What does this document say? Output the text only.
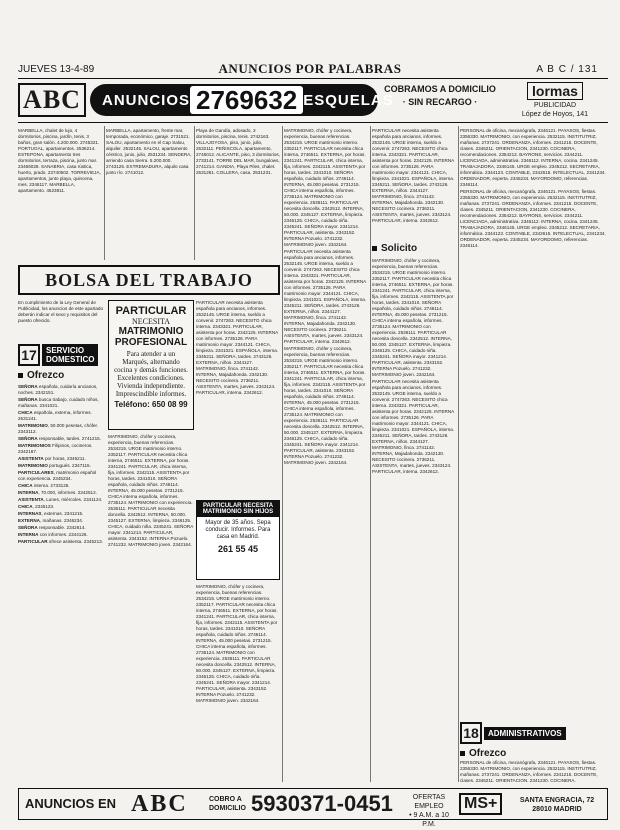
JUEVES 13-4-89	ANUNCIOS POR PALABRAS	A B C / 131
ABC	ANUNCIOS 2769632 ESQUELAS
COBRAMOS A DOMICILIO
· SIN RECARGO ·
lormas
PUBLICIDAD
López de Hoyos, 141
MARBELLA, chalet de lujo, 4 dormitorios, piscina, jardín, tenis, 3 baños, gran salón. 4.200.000. 2745321. PORTUGAL, apartamentos. 2536214. ESTEPONA, apartamento tres dormitorios, terraza, piscina, junto mar. 23466028. SANABRIA, casa rústica, huerto, prado. 23740502. TORREVIEJA, apartamentos, junto playa, quincena, mes. 2346117. MARBELLA, apartamento. 4523811.
MARBELLA, apartamento, frente mar, temporada, económico, garaje. 2731521. SALOU, apartamento en el Cap Salou, alquiler. 2532145. SALOU, apartamento céntrico, junio, julio, 2531234. SENDERA, arriendo casa Sierra. 5.200.000. 2743125. EXTREMADURA, alquilo casa junto río. 2741012.
Playa de Gandía, adosado, 3 dormitorios, piscina, tenis. 2742163. VILLAJOYOSA, piso, junio, julio, 2532111. PEÑISCOLA, apartamento, 2746012. ALICANTE, piso, 3 dormitorios, 2733141. TORRE DEL MAR, bungalows, 2741214. GANDIA, Playa Piles, chalet. 2531261. COLLERA, casa. 2531231.
BOLSA DEL TRABAJO

En cumplimiento de la Ley General de Publicidad, los anuncios de este apartado deberán indicar el sexo y requisitos del puesto ofrecido.

17	SERVICIO
DOMESTICO
Ofrezco

SEÑORA española, cuidaría ancianos, noches. 2342151.

SEÑORA busca trabajo, cuidado niños, mañanas. 2341021.

CHICA española, externa, informes. 2531241.

MATRIMONIO, 50.000 pesetas, chófer. 2343112.

SEÑORA responsable, tardes. 2741215.

MATRIMONIOS Filipinos, cocineros. 2342167.

ASISTENTA por horas, 2346211.

MATRIMONIO portugués. 2347115.

PARTICULARES, matrimonio español con experiencia. 2345234.

CHICA interna. 2733125.

INTERNA, 70.000, informes. 2342512.

ASISTENTA, Lunes, miércoles. 2341124.

CHICA, 2345123.

INTERNAS, externas. 2341215.

EXTERNA, mañanas. 2346234.

SEÑORA responsable. 2342614.

INTERNA con informes. 2344126.

PARTICULAR ofrece asistenta. 2345213.

PARTICULAR
NECESITA
MATRIMONIO
PROFESIONAL
Para atender a un Marqués, alternando cocina y demás funciones. Excelentes condiciones. Vivienda independiente. Imprescindible informes.
Teléfono: 650 08 99
MATRIMONIO, chófer y cocinera, experiencia, buenas referencias. 2534215. URGE matrimonio interno. 2352117. PARTICULAR necesita chica interna, 2746511. EXTERNA, por horas. 2341241. PARTICULAR, chica interna, fija, informes. 2342115. ASISTENTA por horas, tardes. 2341010. SEÑORA española, cuidado niños. 2746114. INTERNA, 45.000 pesetas. 2731215. CHICA interna española, informes. 2735124. MATRIMONIO con experiencia. 2536111. PARTICULAR necesita doncella. 2342512. INTERNA, 50.000. 2345127. EXTERNA, limpieza. 2346125. CHICA, cuidado niña. 2345241. SEÑORA mayor. 2341214. PARTICULAR, asistenta. 2343152. INTERNA Pozuelo. 2741232. MATRIMONIO joven. 2342164.
PARTICULAR NECESITA
MATRIMONIO SIN HIJOS
Mayor de 35 años. Sepa conducir. Informes. Para casa en Madrid.
261 55 45
PARTICULAR necesita asistenta española para ancianos, informes. 2532145. URGE interna, sueldo a convenir. 2747263. NECESITO chica interna. 2343321. PARTICULAR, asistenta por horas. 2342125. INTERNA con informes. 2735126. PARA matrimonio mayor. 2344121. CHICA, limpieza. 2341021. ESPAÑOLA, interna. 2345211. SEÑORA, tardes. 2743126. EXTERNA, niños. 2344127. MATRIMONIO, finca. 2741142. INTERNA, Majadahonda. 2342130. NECESITO cocinera. 2736211. ASISTENTA, martes, jueves. 2343124. PARTICULAR, interna. 2342612.
MATRIMONIO, chófer y cocinera, experiencia, buenas referencias. 2534215. URGE matrimonio interno. 2352117. PARTICULAR necesita chica interna, 2746511. EXTERNA, por horas. 2341241. PARTICULAR, chica interna, fija, informes. 2342115. ASISTENTA por horas, tardes. 2341010. SEÑORA española, cuidado niños. 2746114. INTERNA, 45.000 pesetas. 2731215. CHICA interna española, informes. 2735124. MATRIMONIO con experiencia. 2536111. PARTICULAR necesita doncella. 2342512. INTERNA, 50.000. 2345127. EXTERNA, limpieza. 2346125. CHICA, cuidado niña. 2345241. SEÑORA mayor. 2341214. PARTICULAR, asistenta. 2343152. INTERNA Pozuelo. 2741232. MATRIMONIO joven. 2342164.

MATRIMONIO, chófer y cocinera, experiencia, buenas referencias. 2534215. URGE matrimonio interno. 2352117. PARTICULAR necesita chica interna, 2746511. EXTERNA, por horas. 2341241. PARTICULAR, chica interna, fija, informes. 2342115. ASISTENTA por horas, tardes. 2341010. SEÑORA española, cuidado niños. 2746114. INTERNA, 45.000 pesetas. 2731215. CHICA interna española, informes. 2735124. MATRIMONIO con experiencia. 2536111. PARTICULAR necesita doncella. 2342512. INTERNA, 50.000. 2345127. EXTERNA, limpieza. 2346125. CHICA, cuidado niña. 2345241. SEÑORA mayor. 2341214. PARTICULAR, asistenta. 2343152. INTERNA Pozuelo. 2741232. MATRIMONIO joven. 2342164.

PARTICULAR necesita asistenta española para ancianos, informes. 2532145. URGE interna, sueldo a convenir. 2747263. NECESITO chica interna. 2343321. PARTICULAR, asistenta por horas. 2342125. INTERNA con informes. 2735126. PARA matrimonio mayor. 2344121. CHICA, limpieza. 2341021. ESPAÑOLA, interna. 2345211. SEÑORA, tardes. 2743126. EXTERNA, niños. 2344127. MATRIMONIO, finca. 2741142. INTERNA, Majadahonda. 2342130. NECESITO cocinera. 2736211. ASISTENTA, martes, jueves. 2343124. PARTICULAR, interna. 2342612.

MATRIMONIO, chófer y cocinera, experiencia, buenas referencias. 2534215. URGE matrimonio interno. 2352117. PARTICULAR necesita chica interna, 2746511. EXTERNA, por horas. 2341241. PARTICULAR, chica interna, fija, informes. 2342115. ASISTENTA por horas, tardes. 2341010. SEÑORA española, cuidado niños. 2746114. INTERNA, 45.000 pesetas. 2731215. CHICA interna española, informes. 2735124. MATRIMONIO con experiencia. 2536111. PARTICULAR necesita doncella. 2342512. INTERNA, 50.000. 2345127. EXTERNA, limpieza. 2346125. CHICA, cuidado niña. 2345241. SEÑORA mayor. 2341214. PARTICULAR, asistenta. 2343152. INTERNA Pozuelo. 2741232. MATRIMONIO joven. 2342164.

PARTICULAR necesita asistenta española para ancianos, informes. 2532145. URGE interna, sueldo a convenir. 2747263. NECESITO chica interna. 2343321. PARTICULAR, asistenta por horas. 2342125. INTERNA con informes. 2735126. PARA matrimonio mayor. 2344121. CHICA, limpieza. 2341021. ESPAÑOLA, interna. 2345211. SEÑORA, tardes. 2743126. EXTERNA, niños. 2344127. MATRIMONIO, finca. 2741142. INTERNA, Majadahonda. 2342130. NECESITO cocinera. 2736211. ASISTENTA, martes, jueves. 2343124. PARTICULAR, interna. 2342612.
Solicito

MATRIMONIO, chófer y cocinera, experiencia, buenas referencias. 2534215. URGE matrimonio interno. 2352117. PARTICULAR necesita chica interna, 2746511. EXTERNA, por horas. 2341241. PARTICULAR, chica interna, fija, informes. 2342115. ASISTENTA por horas, tardes. 2341010. SEÑORA española, cuidado niños. 2746114. INTERNA, 45.000 pesetas. 2731215. CHICA interna española, informes. 2735124. MATRIMONIO con experiencia. 2536111. PARTICULAR necesita doncella. 2342512. INTERNA, 50.000. 2345127. EXTERNA, limpieza. 2346125. CHICA, cuidado niña. 2345241. SEÑORA mayor. 2341214. PARTICULAR, asistenta. 2343152. INTERNA Pozuelo. 2741232. MATRIMONIO joven. 2342164.

PARTICULAR necesita asistenta española para ancianos, informes. 2532145. URGE interna, sueldo a convenir. 2747263. NECESITO chica interna. 2343321. PARTICULAR, asistenta por horas. 2342125. INTERNA con informes. 2735126. PARA matrimonio mayor. 2344121. CHICA, limpieza. 2341021. ESPAÑOLA, interna. 2345211. SEÑORA, tardes. 2743126. EXTERNA, niños. 2344127. MATRIMONIO, finca. 2741142. INTERNA, Majadahonda. 2342130. NECESITO cocinera. 2736211. ASISTENTA, martes, jueves. 2343124. PARTICULAR, interna. 2342612.

PERSONAL de oficina, mecanógrafa, 2346121. PAYASOS, fiestas. 2356330. MATRIMONIO, con experiencia. 2532115. INSTITUTRIZ, mañanas. 2737241. ORDENANZA, informes. 2341215. DOCENTE, clases. 2345211. ORIENTACION, 2341230. COCINERA, recomendaciones. 2354212. BAYRONS, servicios. 2344211. LICENCIADA, administrativa. 2346112. INTERNA, cocina. 2341245. TRABAJADORA, 2346145. URGE empleo. 2345212. SECRETARIA, informática. 2344123. CONTABLE, 2342615. INTELECTUAL, 2341234. ORDENADOR, experta. 2345234. MAYORDOMO, referencias. 2346114.

PERSONAL de oficina, mecanógrafa, 2346121. PAYASOS, fiestas. 2356330. MATRIMONIO, con experiencia. 2532115. INSTITUTRIZ, mañanas. 2737241. ORDENANZA, informes. 2341215. DOCENTE, clases. 2345211. ORIENTACION, 2341230. COCINERA, recomendaciones. 2354212. BAYRONS, servicios. 2344211. LICENCIADA, administrativa. 2346112. INTERNA, cocina. 2341245. TRABAJADORA, 2346145. URGE empleo. 2345212. SECRETARIA, informática. 2344123. CONTABLE, 2342615. INTELECTUAL, 2341234. ORDENADOR, experta. 2345234. MAYORDOMO, referencias. 2346114.

18	ADMINISTRATIVOS
Ofrezco
PERSONAL de oficina, mecanógrafa, 2346121. PAYASOS, fiestas. 2356330. MATRIMONIO, con experiencia. 2532115. INSTITUTRIZ, mañanas. 2737241. ORDENANZA, informes. 2341215. DOCENTE, clases. 2345211. ORIENTACION, 2341230. COCINERA,
ANUNCIOS EN ABC	COBRO A DOMICILIO 5930371-0451	OFERTAS EMPLEO
• 9 A.M. a 10 P.M.
MS+	SANTA ENGRACIA, 72
28010 MADRID
